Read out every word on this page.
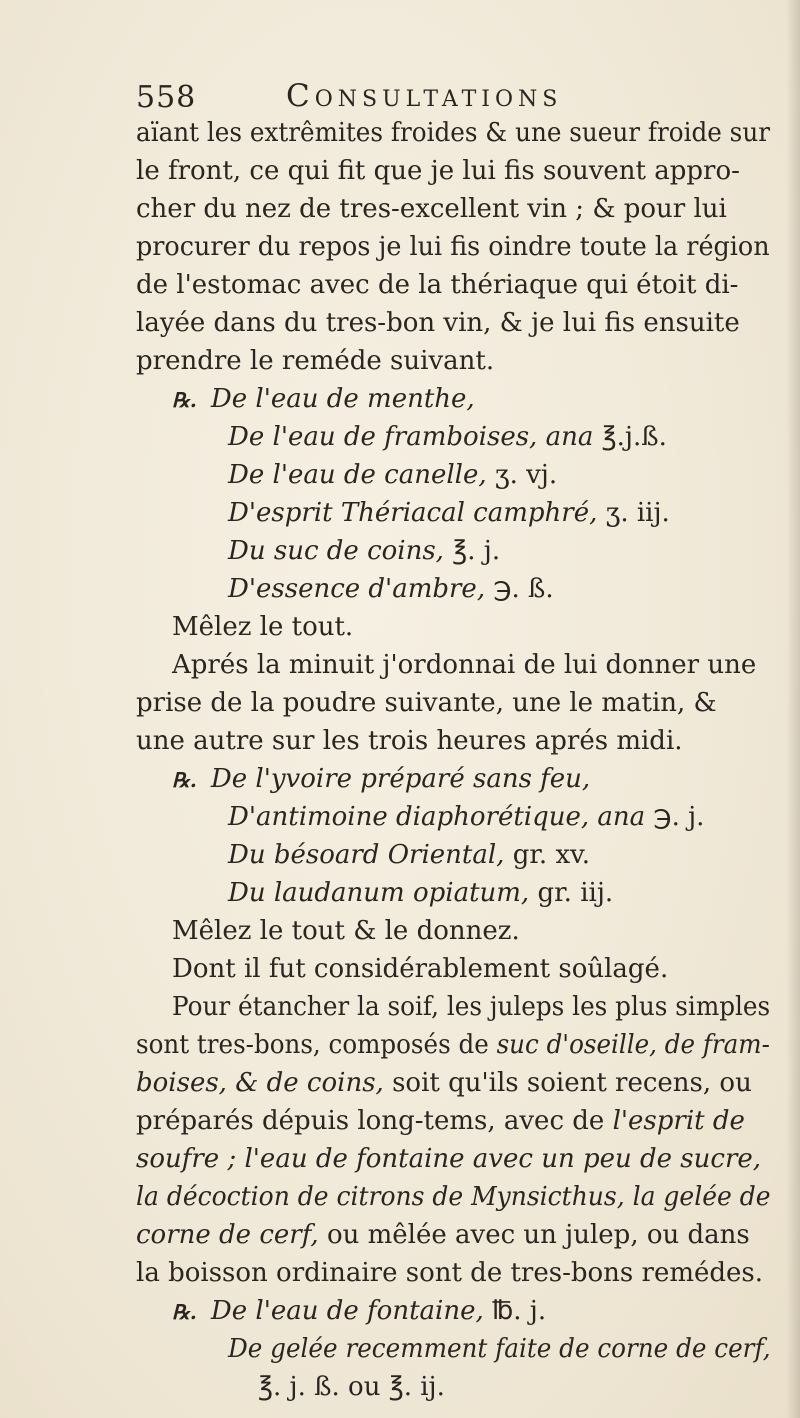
558	Consultations
aïant les extrêmites froides & une sueur froide sur
le front, ce qui fit que je lui fis souvent appro-
cher du nez de tres-excellent vin ; & pour lui
procurer du repos je lui fis oindre toute la région
de l'estomac avec de la thériaque qui étoit di-
layée dans du tres-bon vin, & je lui fis ensuite
prendre le reméde suivant.
℞. De l'eau de menthe,
De l'eau de framboises, ana ℥.j.ß.
De l'eau de canelle, ʒ. vj.
D'esprit Thériacal camphré, ʒ. iij.
Du suc de coins, ℥. j.
D'essence d'ambre, ℈. ß.
Mêlez le tout.
Aprés la minuit j'ordonnai de lui donner une
prise de la poudre suivante, une le matin, &
une autre sur les trois heures aprés midi.
℞. De l'yvoire préparé sans feu,
D'antimoine diaphorétique, ana ℈. j.
Du bésoard Oriental, gr. xv.
Du laudanum opiatum, gr. iij.
Mêlez le tout & le donnez.
Dont il fut considérablement soûlagé.
Pour étancher la soif, les juleps les plus simples
sont tres-bons, composés de suc d'oseille, de fram-
boises, & de coins, soit qu'ils soient recens, ou
préparés dépuis long-tems, avec de l'esprit de
soufre ; l'eau de fontaine avec un peu de sucre,
la décoction de citrons de Mynsicthus, la gelée de
corne de cerf, ou mêlée avec un julep, ou dans
la boisson ordinaire sont de tres-bons remédes.
℞. De l'eau de fontaine, ℔. j.
De gelée recemment faite de corne de cerf,
℥. j. ß. ou ℥. ij.
